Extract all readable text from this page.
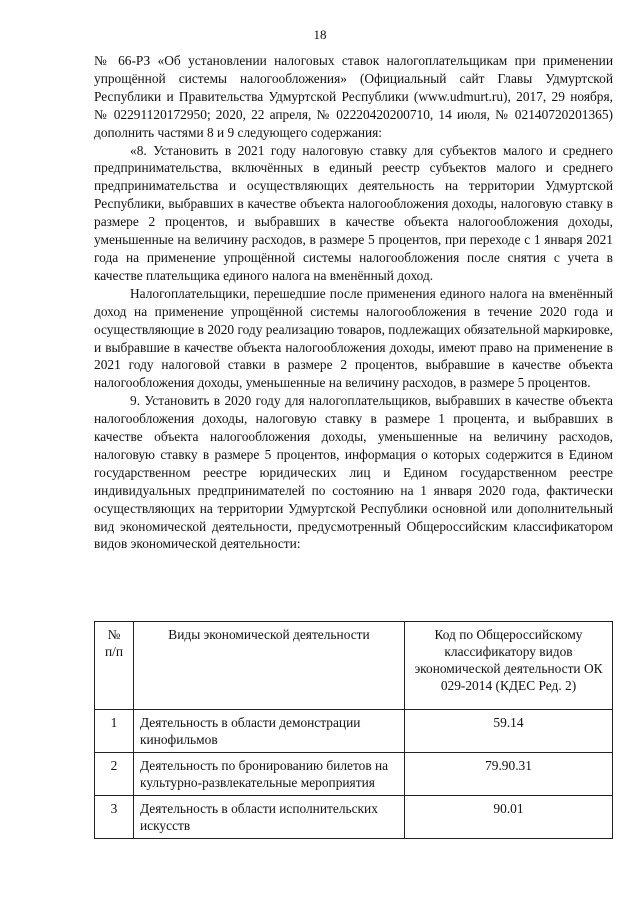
18

№ 66-РЗ «Об установлении налоговых ставок налогоплательщикам при применении упрощённой системы налогообложения» (Официальный сайт Главы Удмуртской Республики и Правительства Удмуртской Республики (www.udmurt.ru), 2017, 29 ноября, № 02291120172950; 2020, 22 апреля, № 02220420200710, 14 июля, № 02140720201365) дополнить частями 8 и 9 следующего содержания:

«8. Установить в 2021 году налоговую ставку для субъектов малого и среднего предпринимательства, включённых в единый реестр субъектов малого и среднего предпринимательства и осуществляющих деятельность на территории Удмуртской Республики, выбравших в качестве объекта налогообложения доходы, налоговую ставку в размере 2 процентов, и выбравших в качестве объекта налогообложения доходы, уменьшенные на величину расходов, в размере 5 процентов, при переходе с 1 января 2021 года на применение упрощённой системы налогообложения после снятия с учета в качестве плательщика единого налога на вменённый доход.

Налогоплательщики, перешедшие после применения единого налога на вменённый доход на применение упрощённой системы налогообложения в течение 2020 года и осуществляющие в 2020 году реализацию товаров, подлежащих обязательной маркировке, и выбравшие в качестве объекта налогообложения доходы, имеют право на применение в 2021 году налоговой ставки в размере 2 процентов, выбравшие в качестве объекта налогообложения доходы, уменьшенные на величину расходов, в размере 5 процентов.

9. Установить в 2020 году для налогоплательщиков, выбравших в качестве объекта налогообложения доходы, налоговую ставку в размере 1 процента, и выбравших в качестве объекта налогообложения доходы, уменьшенные на величину расходов, налоговую ставку в размере 5 процентов, информация о которых содержится в Едином государственном реестре юридических лиц и Едином государственном реестре индивидуальных предпринимателей по состоянию на 1 января 2020 года, фактически осуществляющих на территории Удмуртской Республики основной или дополнительный вид экономической деятельности, предусмотренный Общероссийским классификатором видов экономической деятельности:

№ п/п	Виды экономической деятельности	Код по Общероссийскому классификатору видов экономической деятельности ОК 029-2014 (КДЕС Ред. 2)
1	Деятельность в области демонстрации кинофильмов	59.14
2	Деятельность по бронированию билетов на культурно-развлекательные мероприятия	79.90.31
3	Деятельность в области исполнительских искусств	90.01
